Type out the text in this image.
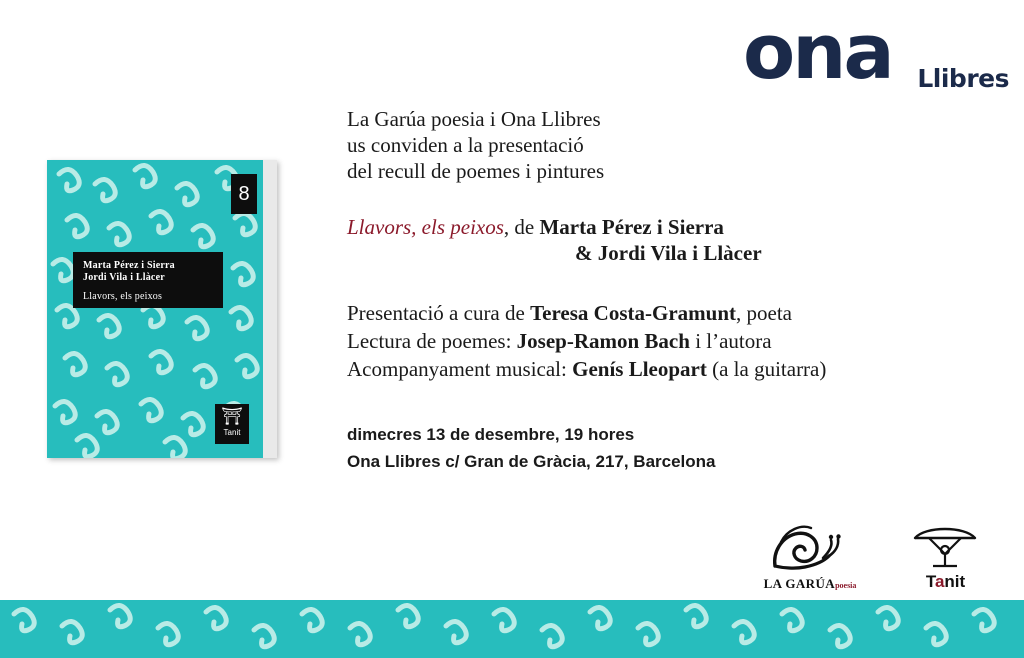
ona Llibres
8
Marta Pérez i Sierra
Jordi Vila i Llàcer
Llavors, els peixos
⛩
Tanit
La Garúa poesia i Ona Llibres
us conviden a la presentació
del recull de poemes i pintures
Llavors, els peixos, de Marta Pérez i Sierra
& Jordi Vila i Llàcer
Presentació a cura de Teresa Costa-Gramunt, poeta
Lectura de poemes: Josep-Ramon Bach i l’autora
Acompanyament musical: Genís Lleopart (a la guitarra)
dimecres 13 de desembre, 19 hores
Ona Llibres c/ Gran de Gràcia, 217, Barcelona
LA GARÚApoesia	Tanit
